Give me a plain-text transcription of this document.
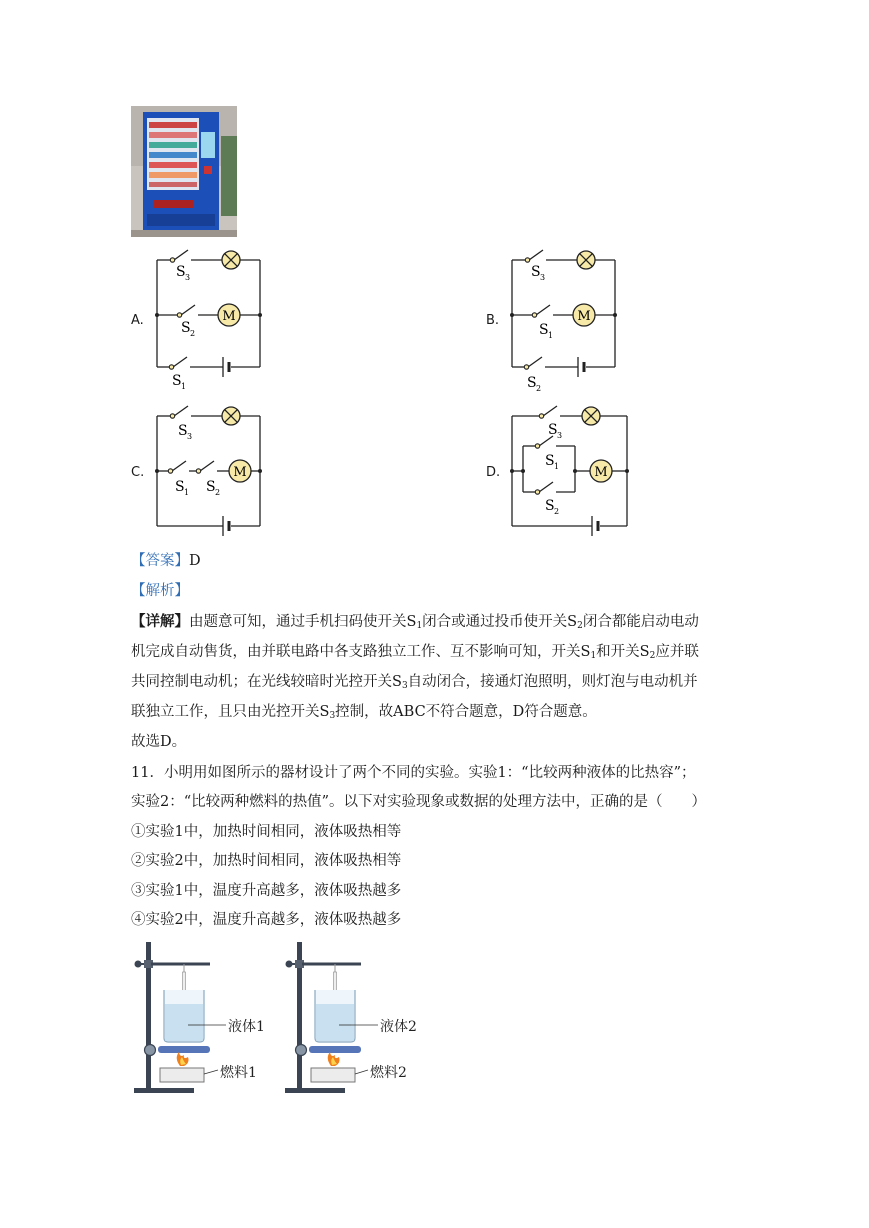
A.	B.
C.	D.
M
S 3
S 2
S 1
M
S 3
S 1
S 2
M
S 3
S 1 S 2
M
S 3
S 1
S 2
【答案】D
【解析】
【详解】由题意可知，通过手机扫码使开关$S_1$闭合或通过投币使开关$S_2$闭合都能启动电动
机完成自动售货，由并联电路中各支路独立工作、互不影响可知，开关$S_1$和开关$S_2$应并联
共同控制电动机；在光线较暗时光控开关$S_3$自动闭合，接通灯泡照明，则灯泡与电动机并
联独立工作，且只由光控开关$S_3$控制，故ABC不符合题意，D符合题意。
故选D。
11．小明用如图所示的器材设计了两个不同的实验。实验1：“比较两种液体的比热容”；
实验2：“比较两种燃料的热值”。以下对实验现象或数据的处理方法中，正确的是（　　）
①实验1中，加热时间相同，液体吸热相等
②实验2中，加热时间相同，液体吸热相等
③实验1中，温度升高越多，液体吸热越多
④实验2中，温度升高越多，液体吸热越多
液体1	液体2
燃料1	燃料2
